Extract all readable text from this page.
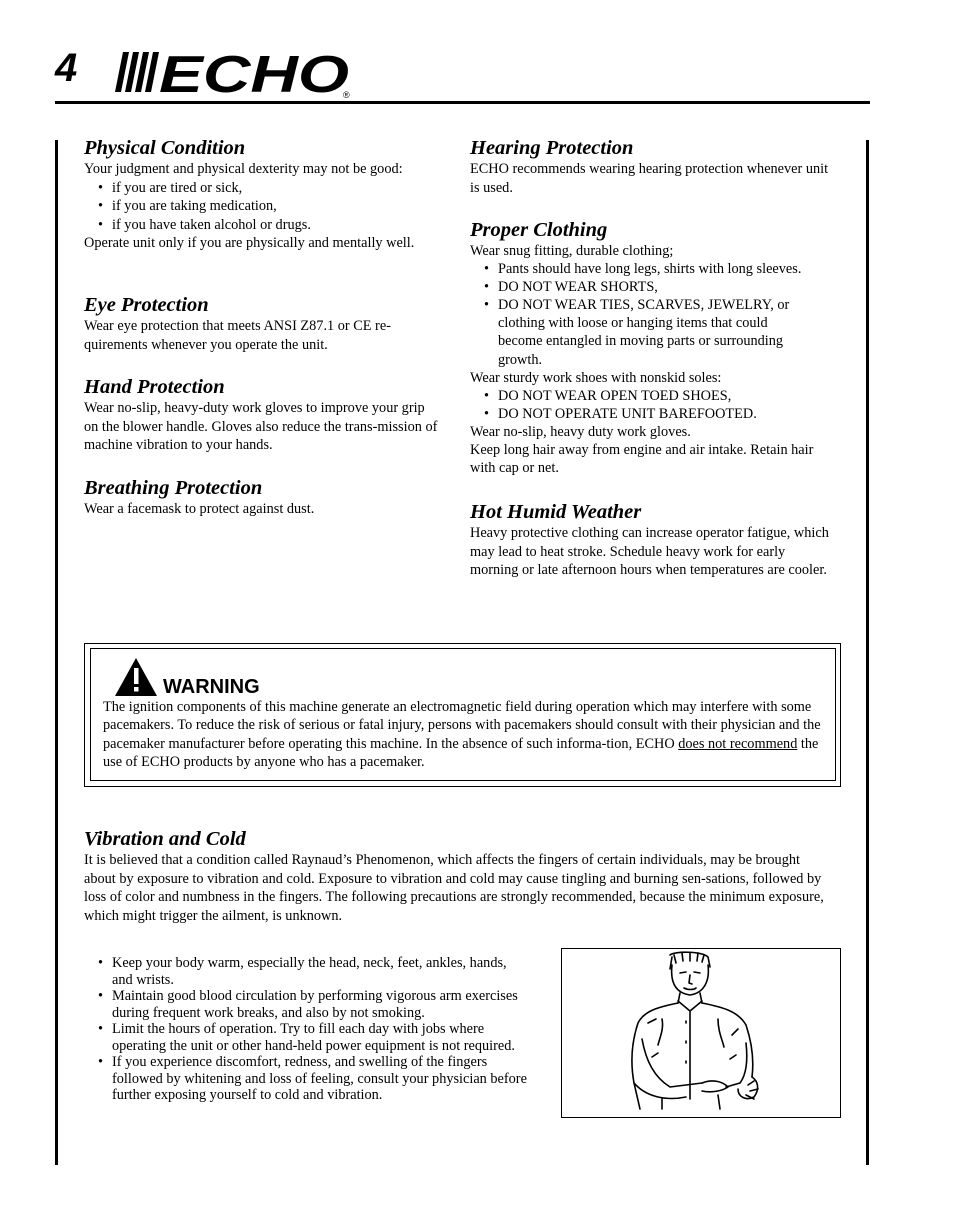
4 ECHO
®
Physical Condition

Your judgment and physical dexterity may not be good:

• if you are tired or sick,
• if you are taking medication,
• if you have taken alcohol or drugs.

Operate unit only if you are physically and mentally well.

Eye Protection

Wear eye protection that meets ANSI Z87.1 or CE re-quirements whenever you operate the unit.

Hand Protection

Wear no-slip, heavy-duty work gloves to improve your grip on the blower handle. Gloves also reduce the trans-mission of machine vibration to your hands.

Breathing Protection

Wear a facemask to protect against dust.

Hearing Protection

ECHO recommends wearing hearing protection whenever unit is used.

Proper Clothing

Wear snug fitting, durable clothing;

• Pants should have long legs, shirts with long sleeves.
• DO NOT WEAR SHORTS,
• DO NOT WEAR TIES, SCARVES, JEWELRY, or clothing with loose or hanging items that could become entangled in moving parts or surrounding growth.

Wear sturdy work shoes with nonskid soles:

• DO NOT WEAR OPEN TOED SHOES,
• DO NOT OPERATE UNIT BAREFOOTED.

Wear no-slip, heavy duty work gloves.

Keep long hair away from engine and air intake. Retain hair with cap or net.

Hot Humid Weather

Heavy protective clothing can increase operator fatigue, which may lead to heat stroke. Schedule heavy work for early morning or late afternoon hours when temperatures are cooler.

WARNING
The ignition components of this machine generate an electromagnetic field during operation which may interfere with some pacemakers. To reduce the risk of serious or fatal injury, persons with pacemakers should consult with their physician and the pacemaker manufacturer before operating this machine. In the absence of such informa-tion, ECHO does not recommend the use of ECHO products by anyone who has a pacemaker.
Vibration and Cold

It is believed that a condition called Raynaud’s Phenomenon, which affects the fingers of certain individuals, may be brought about by exposure to vibration and cold. Exposure to vibration and cold may cause tingling and burning sen-sations, followed by loss of color and numbness in the fingers. The following precautions are strongly recommended, because the minimum exposure, which might trigger the ailment, is unknown.

• Keep your body warm, especially the head, neck, feet, ankles, hands, and wrists.
• Maintain good blood circulation by performing vigorous arm exercises during frequent work breaks, and also by not smoking.
• Limit the hours of operation. Try to fill each day with jobs where operating the unit or other hand-held power equipment is not required.
• If you experience discomfort, redness, and swelling of the fingers followed by whitening and loss of feeling, consult your physician before further exposing yourself to cold and vibration.
